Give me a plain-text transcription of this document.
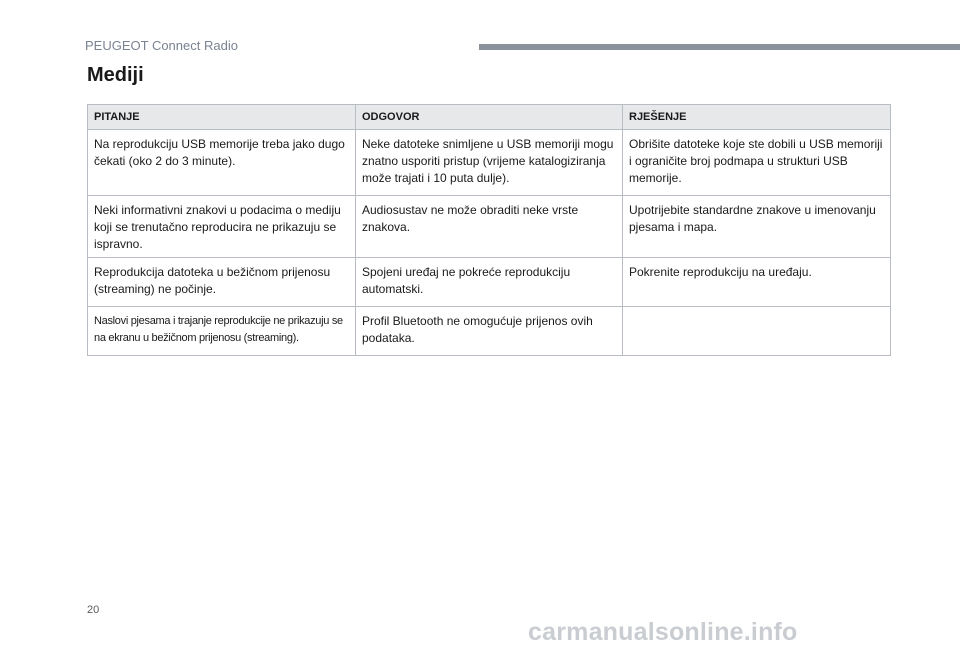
PEUGEOT Connect Radio
Mediji
PITANJE	ODGOVOR	RJEŠENJE
Na reprodukciju USB memorije treba jako dugo čekati (oko 2 do 3 minute).	Neke datoteke snimljene u USB memoriji mogu znatno usporiti pristup (vrijeme katalogiziranja može trajati i 10 puta dulje).	Obrišite datoteke koje ste dobili u USB memoriji i ograničite broj podmapa u strukturi USB memorije.
Neki informativni znakovi u podacima o mediju koji se trenutačno reproducira ne prikazuju se ispravno.	Audiosustav ne može obraditi neke vrste znakova.	Upotrijebite standardne znakove u imenovanju pjesama i mapa.
Reprodukcija datoteka u bežičnom prijenosu (streaming) ne počinje.	Spojeni uređaj ne pokreće reprodukciju automatski.	Pokrenite reprodukciju na uređaju.
Naslovi pjesama i trajanje reprodukcije ne prikazuju se na ekranu u bežičnom prijenosu (streaming).	Profil Bluetooth ne omogućuje prijenos ovih podataka.	
20
carmanualsonline.info
